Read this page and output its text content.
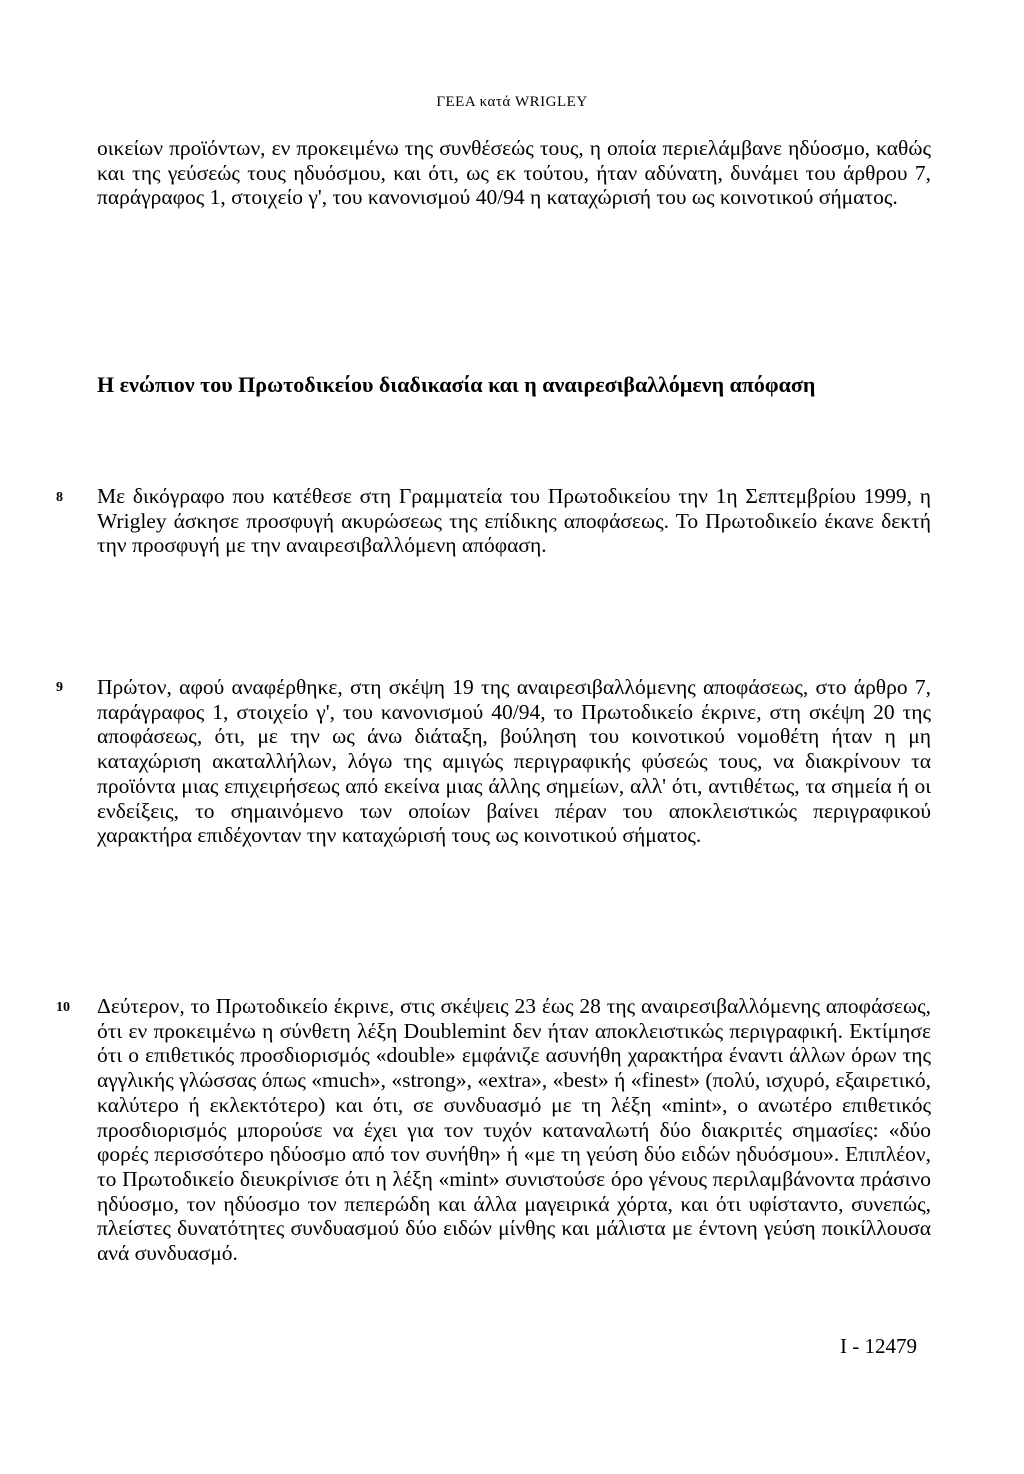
ΓΕΕΑ κατά WRIGLEY

οικείων προϊόντων, εν προκειμένω της συνθέσεώς τους, η οποία περιελάμβανε ηδύοσμο, καθώς και της γεύσεώς τους ηδυόσμου, και ότι, ως εκ τούτου, ήταν αδύνατη, δυνάμει του άρθρου 7, παράγραφος 1, στοιχείο γ', του κανονισμού 40/94 η καταχώρισή του ως κοινοτικού σήματος.

Η ενώπιον του Πρωτοδικείου διαδικασία και η αναιρεσιβαλλόμενη απόφαση
8 Με δικόγραφο που κατέθεσε στη Γραμματεία του Πρωτοδικείου την 1η Σεπτεμβρίου 1999, η Wrigley άσκησε προσφυγή ακυρώσεως της επίδικης αποφάσεως. Το Πρωτοδικείο έκανε δεκτή την προσφυγή με την αναιρεσιβαλλόμενη απόφαση.

9 Πρώτον, αφού αναφέρθηκε, στη σκέψη 19 της αναιρεσιβαλλόμενης αποφάσεως, στο άρθρο 7, παράγραφος 1, στοιχείο γ', του κανονισμού 40/94, το Πρωτοδικείο έκρινε, στη σκέψη 20 της αποφάσεως, ότι, με την ως άνω διάταξη, βούληση του κοινοτικού νομοθέτη ήταν η μη καταχώριση ακαταλλήλων, λόγω της αμιγώς περιγραφικής φύσεώς τους, να διακρίνουν τα προϊόντα μιας επιχειρήσεως από εκείνα μιας άλλης σημείων, αλλ' ότι, αντιθέτως, τα σημεία ή οι ενδείξεις, το σημαινόμενο των οποίων βαίνει πέραν του αποκλειστικώς περιγραφικού χαρακτήρα επιδέχονταν την καταχώρισή τους ως κοινοτικού σήματος.

10 Δεύτερον, το Πρωτοδικείο έκρινε, στις σκέψεις 23 έως 28 της αναιρεσιβαλλόμενης αποφάσεως, ότι εν προκειμένω η σύνθετη λέξη Doublemint δεν ήταν αποκλειστικώς περιγραφική. Εκτίμησε ότι ο επιθετικός προσδιορισμός «double» εμφάνιζε ασυνήθη χαρακτήρα έναντι άλλων όρων της αγγλικής γλώσσας όπως «much», «strong», «extra», «best» ή «finest» (πολύ, ισχυρό, εξαιρετικό, καλύτερο ή εκλεκτότερο) και ότι, σε συνδυασμό με τη λέξη «mint», ο ανωτέρο επιθετικός προσδιορισμός μπορούσε να έχει για τον τυχόν καταναλωτή δύο διακριτές σημασίες: «δύο φορές περισσότερο ηδύοσμο από τον συνήθη» ή «με τη γεύση δύο ειδών ηδυόσμου». Επιπλέον, το Πρωτοδικείο διευκρίνισε ότι η λέξη «mint» συνιστούσε όρο γένους περιλαμβάνοντα πράσινο ηδύοσμο, τον ηδύοσμο τον πεπερώδη και άλλα μαγειρικά χόρτα, και ότι υφίσταντο, συνεπώς, πλείστες δυνατότητες συνδυασμού δύο ειδών μίνθης και μάλιστα με έντονη γεύση ποικίλλουσα ανά συνδυασμό.

I - 12479
